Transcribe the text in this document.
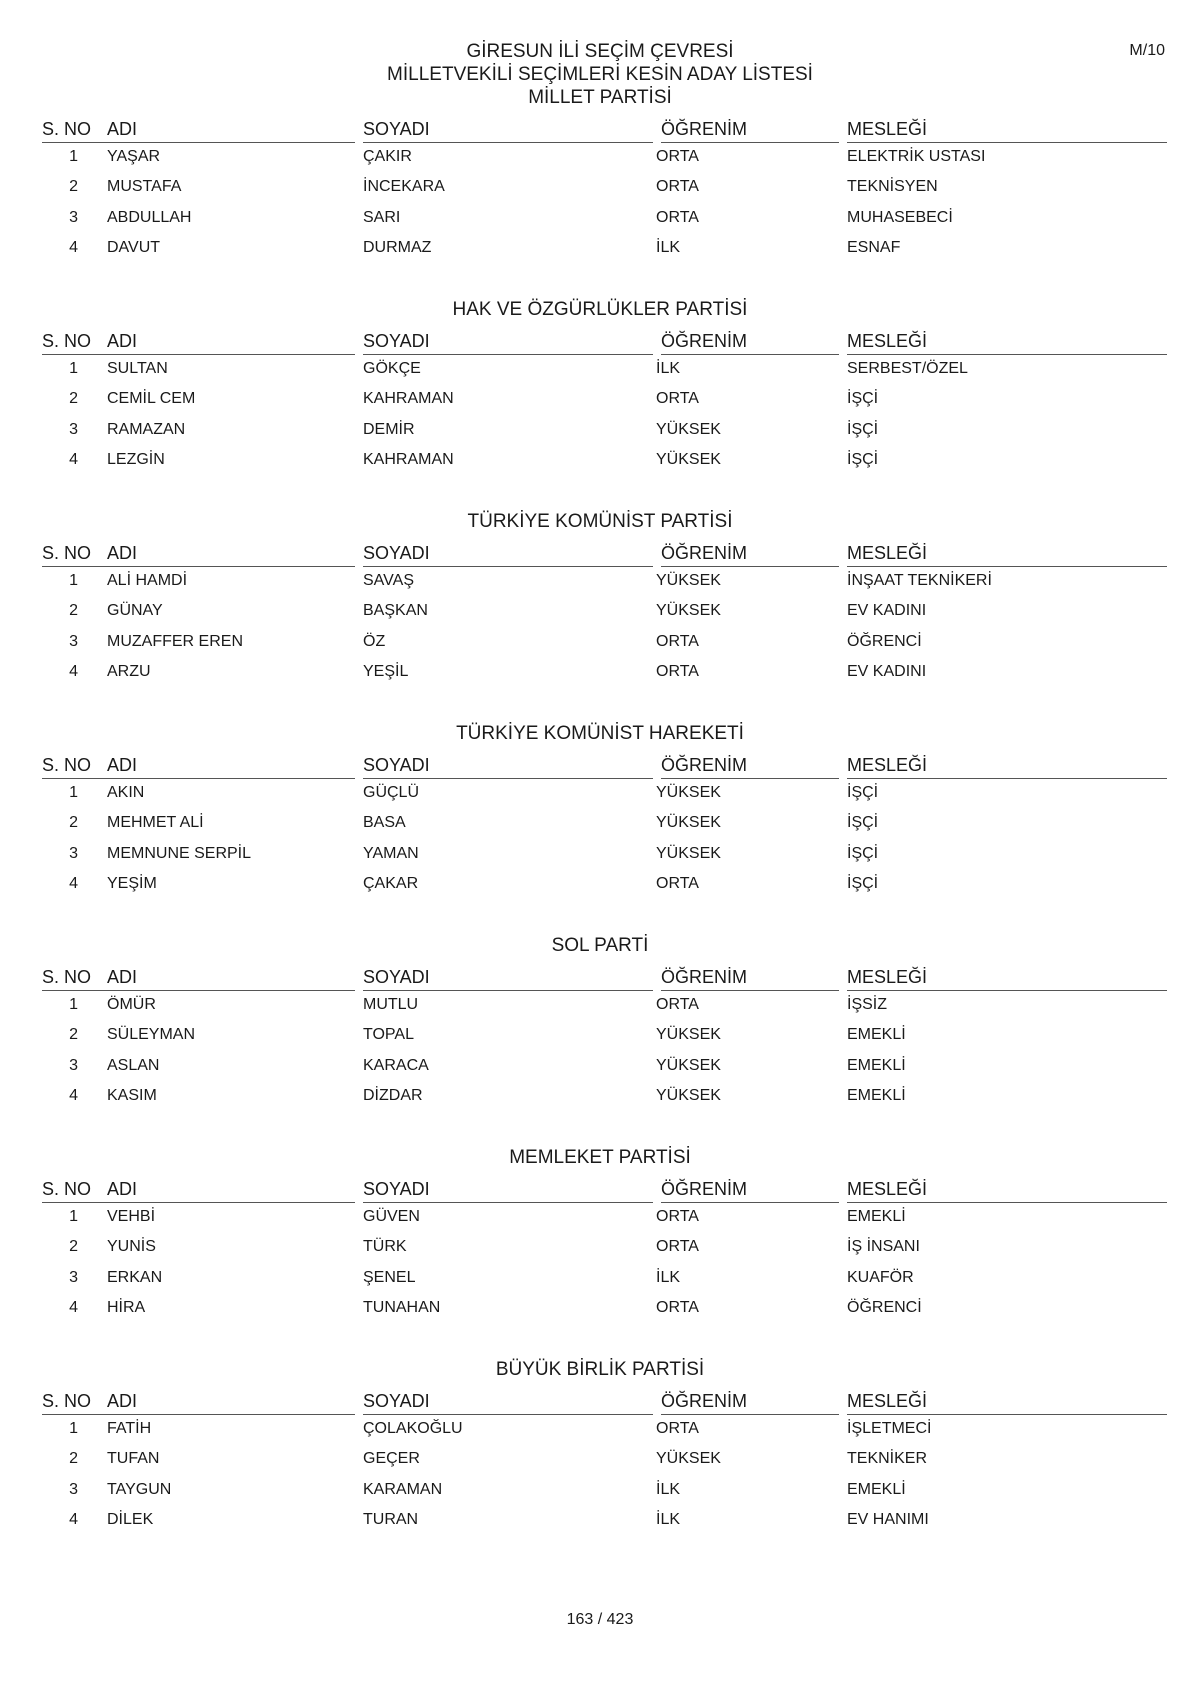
GİRESUN İLİ SEÇİM ÇEVRESİ
MİLLETVEKİLİ SEÇİMLERİ KESİN ADAY LİSTESİ
M/10
MİLLET PARTİSİ
S. NO ADI	SOYADI	ÖĞRENİM	MESLEĞİ
1 YAŞAR	ÇAKIR	ORTA	ELEKTRİK USTASI
2 MUSTAFA	İNCEKARA	ORTA	TEKNİSYEN
3 ABDULLAH	SARI	ORTA	MUHASEBECİ
4 DAVUT	DURMAZ	İLK	ESNAF
HAK VE ÖZGÜRLÜKLER PARTİSİ
S. NO ADI	SOYADI	ÖĞRENİM	MESLEĞİ
1 SULTAN	GÖKÇE	İLK	SERBEST/ÖZEL
2 CEMİL CEM	KAHRAMAN	ORTA	İŞÇİ
3 RAMAZAN	DEMİR	YÜKSEK	İŞÇİ
4 LEZGİN	KAHRAMAN	YÜKSEK	İŞÇİ
TÜRKİYE KOMÜNİST PARTİSİ
S. NO ADI	SOYADI	ÖĞRENİM	MESLEĞİ
1 ALİ HAMDİ	SAVAŞ	YÜKSEK	İNŞAAT TEKNİKERİ
2 GÜNAY	BAŞKAN	YÜKSEK	EV KADINI
3 MUZAFFER EREN	ÖZ	ORTA	ÖĞRENCİ
4 ARZU	YEŞİL	ORTA	EV KADINI
TÜRKİYE KOMÜNİST HAREKETİ
S. NO ADI	SOYADI	ÖĞRENİM	MESLEĞİ
1 AKIN	GÜÇLÜ	YÜKSEK	İŞÇİ
2 MEHMET ALİ	BASA	YÜKSEK	İŞÇİ
3 MEMNUNE SERPİL	YAMAN	YÜKSEK	İŞÇİ
4 YEŞİM	ÇAKAR	ORTA	İŞÇİ
SOL PARTİ
S. NO ADI	SOYADI	ÖĞRENİM	MESLEĞİ
1 ÖMÜR	MUTLU	ORTA	İŞSİZ
2 SÜLEYMAN	TOPAL	YÜKSEK	EMEKLİ
3 ASLAN	KARACA	YÜKSEK	EMEKLİ
4 KASIM	DİZDAR	YÜKSEK	EMEKLİ
MEMLEKET PARTİSİ
S. NO ADI	SOYADI	ÖĞRENİM	MESLEĞİ
1 VEHBİ	GÜVEN	ORTA	EMEKLİ
2 YUNİS	TÜRK	ORTA	İŞ İNSANI
3 ERKAN	ŞENEL	İLK	KUAFÖR
4 HİRA	TUNAHAN	ORTA	ÖĞRENCİ
BÜYÜK BİRLİK PARTİSİ
S. NO ADI	SOYADI	ÖĞRENİM	MESLEĞİ
1 FATİH	ÇOLAKOĞLU	ORTA	İŞLETMECİ
2 TUFAN	GEÇER	YÜKSEK	TEKNİKER
3 TAYGUN	KARAMAN	İLK	EMEKLİ
4 DİLEK	TURAN	İLK	EV HANIMI
163 / 423
